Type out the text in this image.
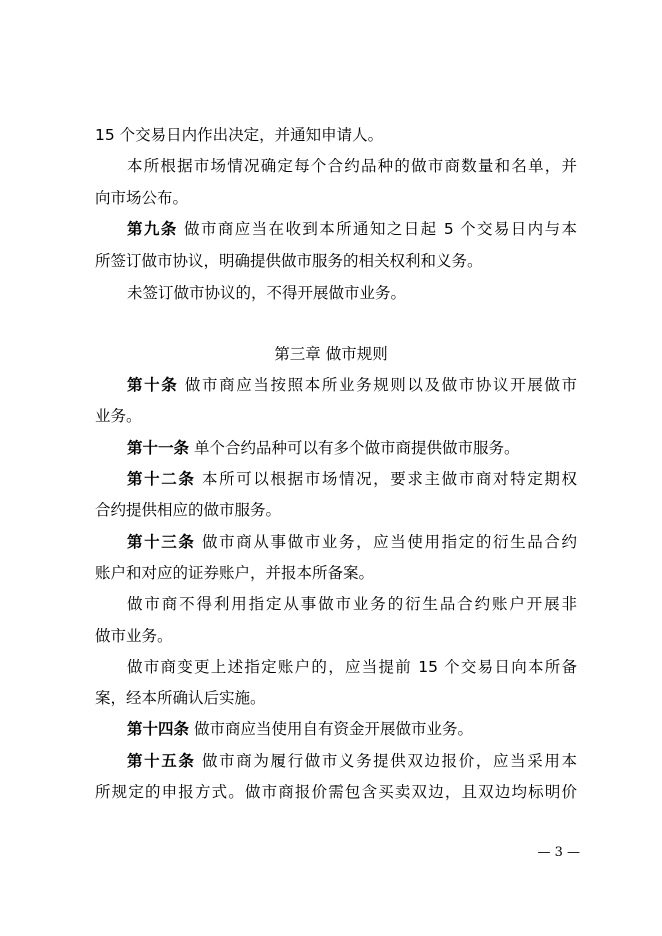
15 个交易日内作出决定，并通知申请人。
本所根据市场情况确定每个合约品种的做市商数量和名单，并
向市场公布。
第九条 做市商应当在收到本所通知之日起 5 个交易日内与本
所签订做市协议，明确提供做市服务的相关权利和义务。
未签订做市协议的，不得开展做市业务。
第三章 做市规则
第十条 做市商应当按照本所业务规则以及做市协议开展做市
业务。
第十一条 单个合约品种可以有多个做市商提供做市服务。
第十二条 本所可以根据市场情况，要求主做市商对特定期权
合约提供相应的做市服务。
第十三条 做市商从事做市业务，应当使用指定的衍生品合约
账户和对应的证券账户，并报本所备案。
做市商不得利用指定从事做市业务的衍生品合约账户开展非
做市业务。
做市商变更上述指定账户的，应当提前 15 个交易日向本所备
案，经本所确认后实施。
第十四条 做市商应当使用自有资金开展做市业务。
第十五条 做市商为履行做市义务提供双边报价，应当采用本
所规定的申报方式。做市商报价需包含买卖双边，且双边均标明价
— 3 —
